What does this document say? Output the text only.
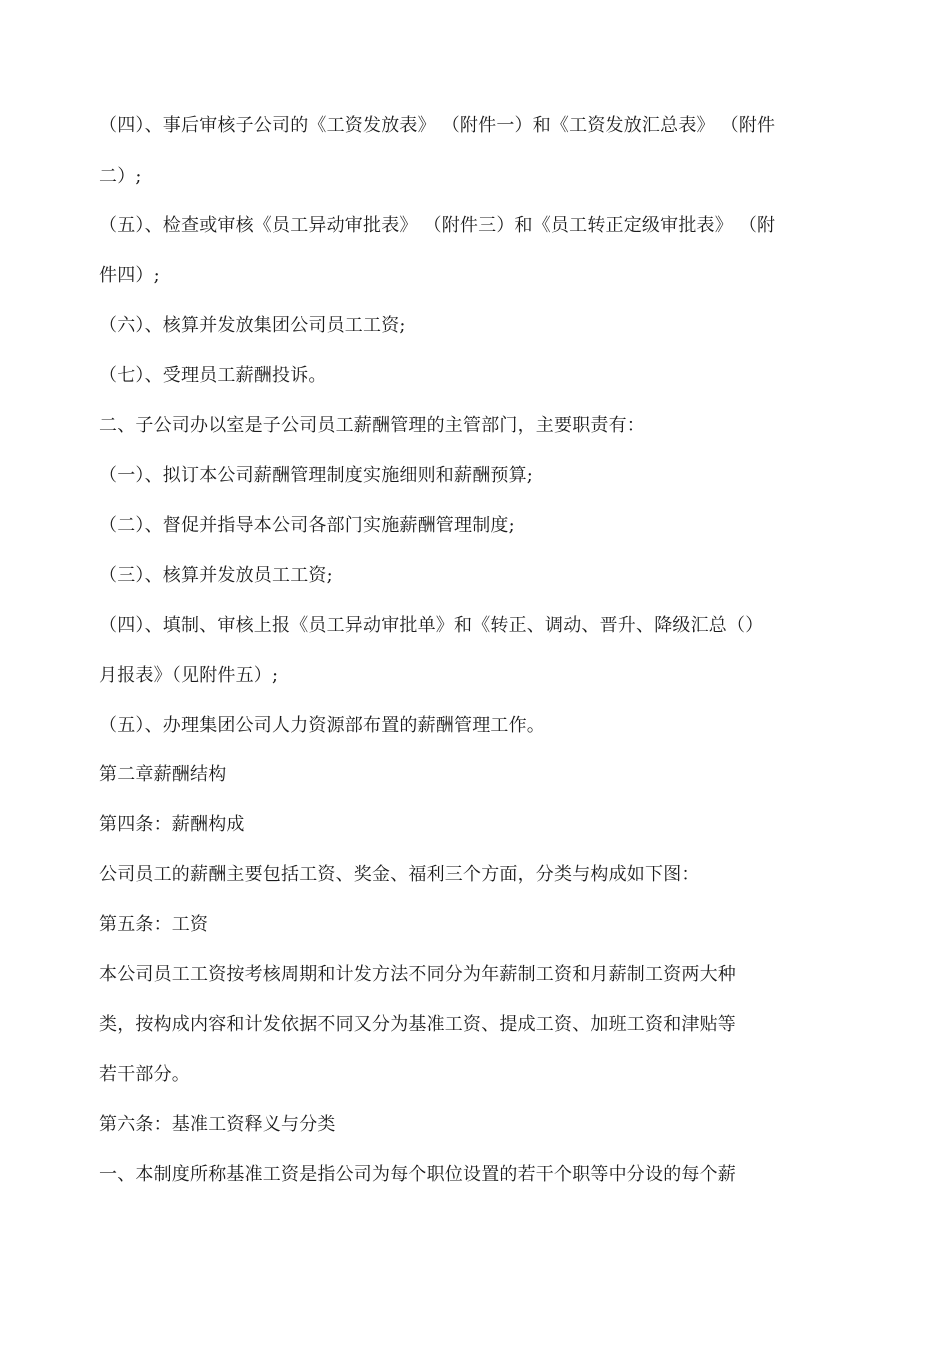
（四）、事后审核子公司的《工资发放表》 （附件一）和《工资发放汇总表》 （附件
二）;
（五）、检查或审核《员工异动审批表》 （附件三）和《员工转正定级审批表》 （附
件四）;
（六）、核算并发放集团公司员工工资;
（七）、受理员工薪酬投诉。
二、子公司办以室是子公司员工薪酬管理的主管部门，主要职责有：
（一）、拟订本公司薪酬管理制度实施细则和薪酬预算;
（二）、督促并指导本公司各部门实施薪酬管理制度;
（三）、核算并发放员工工资;
（四）、填制、审核上报《员工异动审批单》和《转正、调动、晋升、降级汇总（）
月报表》（见附件五）;
（五）、办理集团公司人力资源部布置的薪酬管理工作。
第二章薪酬结构
第四条：薪酬构成
公司员工的薪酬主要包括工资、奖金、福利三个方面，分类与构成如下图：
第五条：工资
本公司员工工资按考核周期和计发方法不同分为年薪制工资和月薪制工资两大种
类，按构成内容和计发依据不同又分为基准工资、提成工资、加班工资和津贴等
若干部分。
第六条：基准工资释义与分类
一、本制度所称基准工资是指公司为每个职位设置的若干个职等中分设的每个薪
